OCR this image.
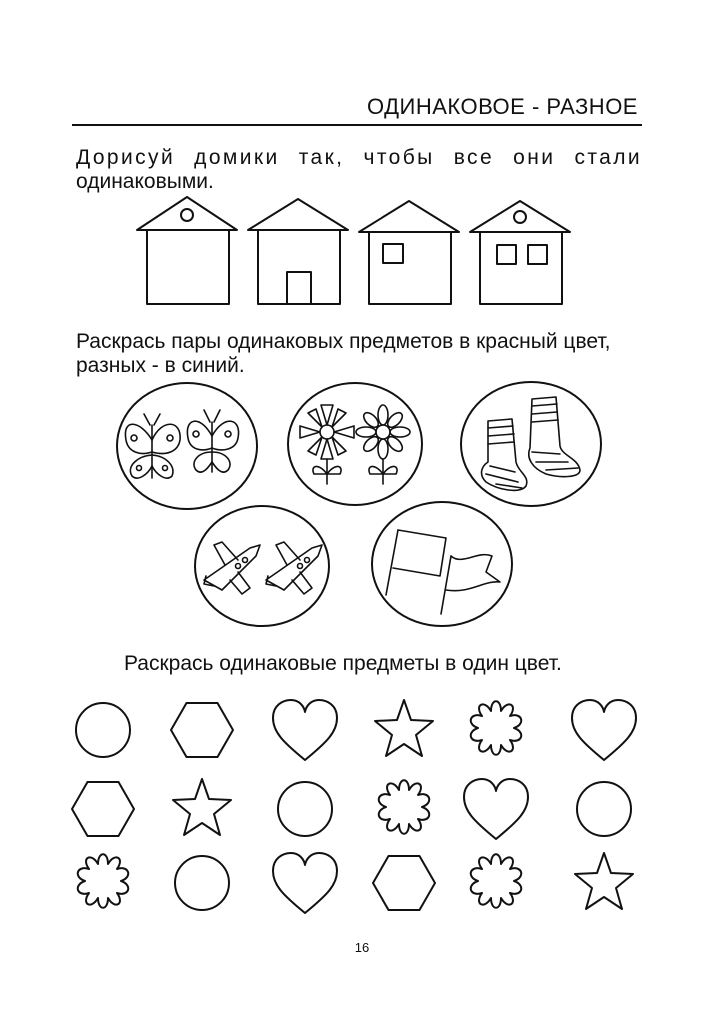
ОДИНАКОВОЕ - РАЗНОЕ

Дорисуй домики так, чтобы все они стали
одинаковыми.

Раскрась пары одинаковых предметов в красный цвет,
разных - в синий.

Раскрась одинаковые предметы в один цвет.

16
